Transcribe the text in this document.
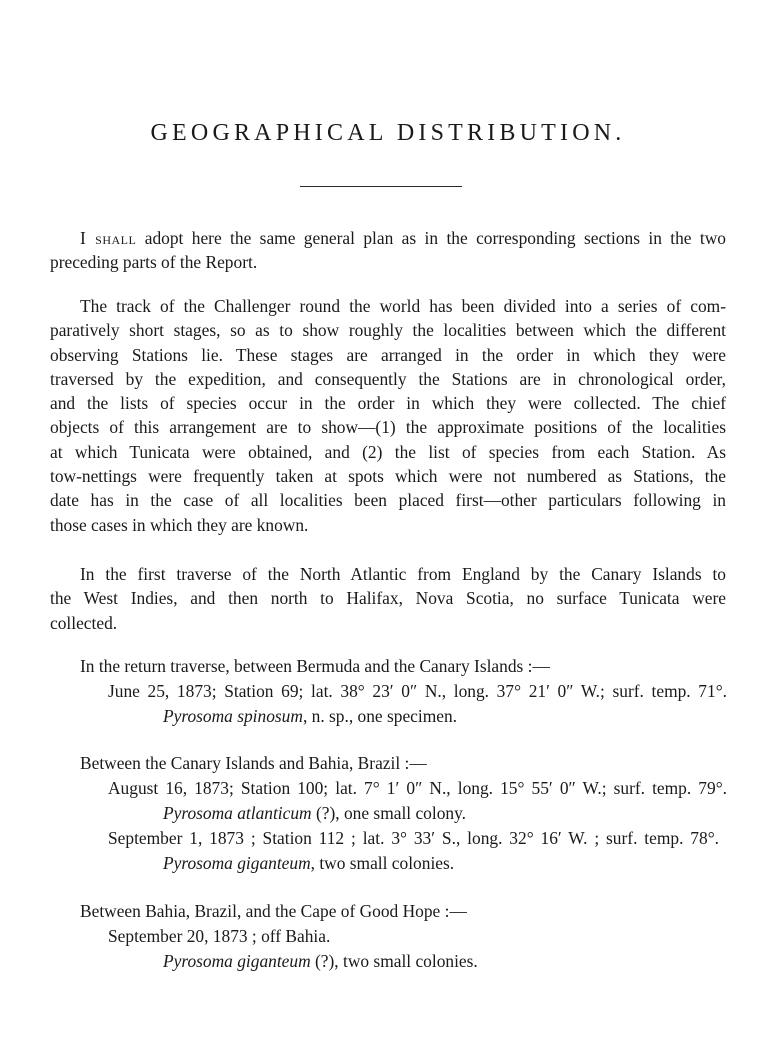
GEOGRAPHICAL DISTRIBUTION.

I shall adopt here the same general plan as in the corresponding sections in the two
preceding parts of the Report.

The track of the Challenger round the world has been divided into a series of com-
paratively short stages, so as to show roughly the localities between which the different
observing Stations lie. These stages are arranged in the order in which they were
traversed by the expedition, and consequently the Stations are in chronological order,
and the lists of species occur in the order in which they were collected. The chief
objects of this arrangement are to show—(1) the approximate positions of the localities
at which Tunicata were obtained, and (2) the list of species from each Station. As
tow-nettings were frequently taken at spots which were not numbered as Stations, the
date has in the case of all localities been placed first—other particulars following in
those cases in which they are known.

In the first traverse of the North Atlantic from England by the Canary Islands to
the West Indies, and then north to Halifax, Nova Scotia, no surface Tunicata were
collected.

In the return traverse, between Bermuda and the Canary Islands :—

June 25, 1873; Station 69; lat. 38° 23′ 0″ N., long. 37° 21′ 0″ W.; surf. temp. 71°.

Pyrosoma spinosum, n. sp., one specimen.

Between the Canary Islands and Bahia, Brazil :—

August 16, 1873; Station 100; lat. 7° 1′ 0″ N., long. 15° 55′ 0″ W.; surf. temp. 79°.

Pyrosoma atlanticum (?), one small colony.

September 1, 1873 ; Station 112 ; lat. 3° 33′ S., long. 32° 16′ W. ; surf. temp. 78°.

Pyrosoma giganteum, two small colonies.

Between Bahia, Brazil, and the Cape of Good Hope :—

September 20, 1873 ; off Bahia.

Pyrosoma giganteum (?), two small colonies.
